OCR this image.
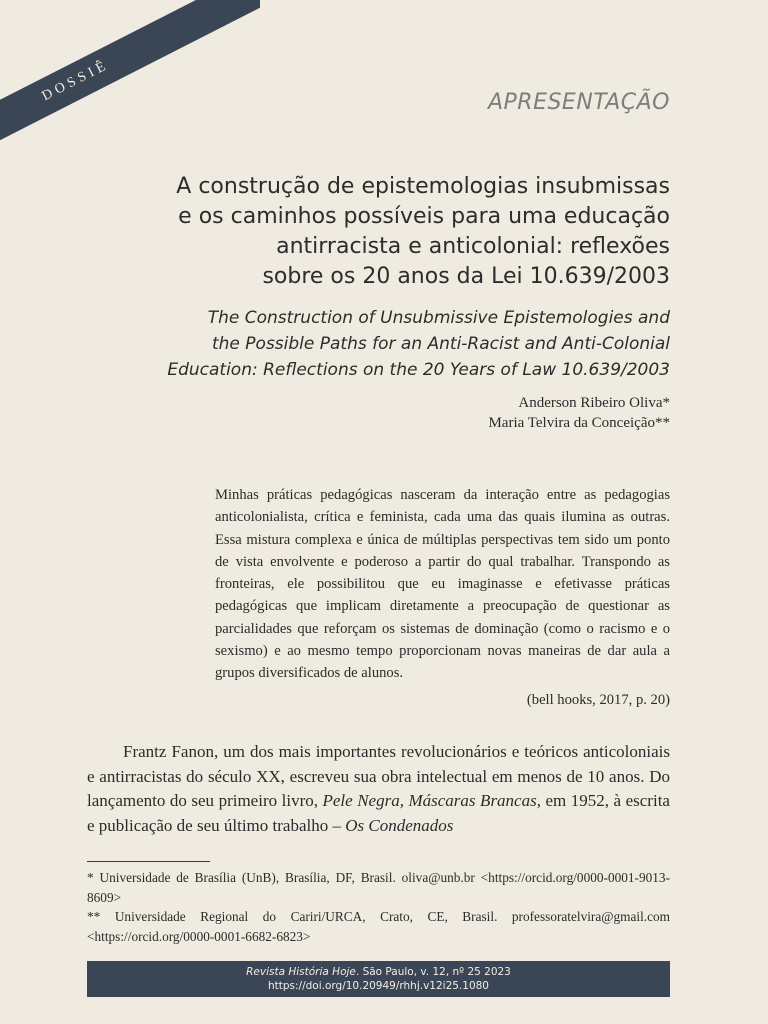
DOSSIÊ	APRESENTAÇÃO
A construção de epistemologias insubmissas
e os caminhos possíveis para uma educação
antirracista e anticolonial: reflexões
sobre os 20 anos da Lei 10.639/2003
The Construction of Unsubmissive Epistemologies and
the Possible Paths for an Anti-Racist and Anti-Colonial
Education: Reflections on the 20 Years of Law 10.639/2003
Anderson Ribeiro Oliva*
Maria Telvira da Conceição**
Minhas práticas pedagógicas nasceram da interação entre as pedagogias anticolonialista, crítica e feminista, cada uma das quais ilumina as outras. Essa mistura complexa e única de múltiplas perspectivas tem sido um ponto de vista envolvente e poderoso a partir do qual trabalhar. Transpondo as fronteiras, ele possibilitou que eu imaginasse e efetivasse práticas pedagógicas que implicam diretamente a preocupação de questionar as parcialidades que reforçam os sistemas de dominação (como o racismo e o sexismo) e ao mesmo tempo proporcionam novas maneiras de dar aula a grupos diversificados de alunos.
(bell hooks, 2017, p. 20)

Frantz Fanon, um dos mais importantes revolucionários e teóricos anticoloniais e antirracistas do século XX, escreveu sua obra intelectual em menos de 10 anos. Do lançamento do seu primeiro livro, Pele Negra, Máscaras Brancas, em 1952, à escrita e publicação de seu último trabalho – Os Condenados

* Universidade de Brasília (UnB), Brasília, DF, Brasil. oliva@unb.br <https://orcid.org/0000-0001-9013-8609>
** Universidade Regional do Cariri/URCA, Crato, CE, Brasil. professoratelvira@gmail.com <https://orcid.org/0000-0001-6682-6823>
Revista História Hoje. São Paulo, v. 12, nº 25 2023
https://doi.org/10.20949/rhhj.v12i25.1080
